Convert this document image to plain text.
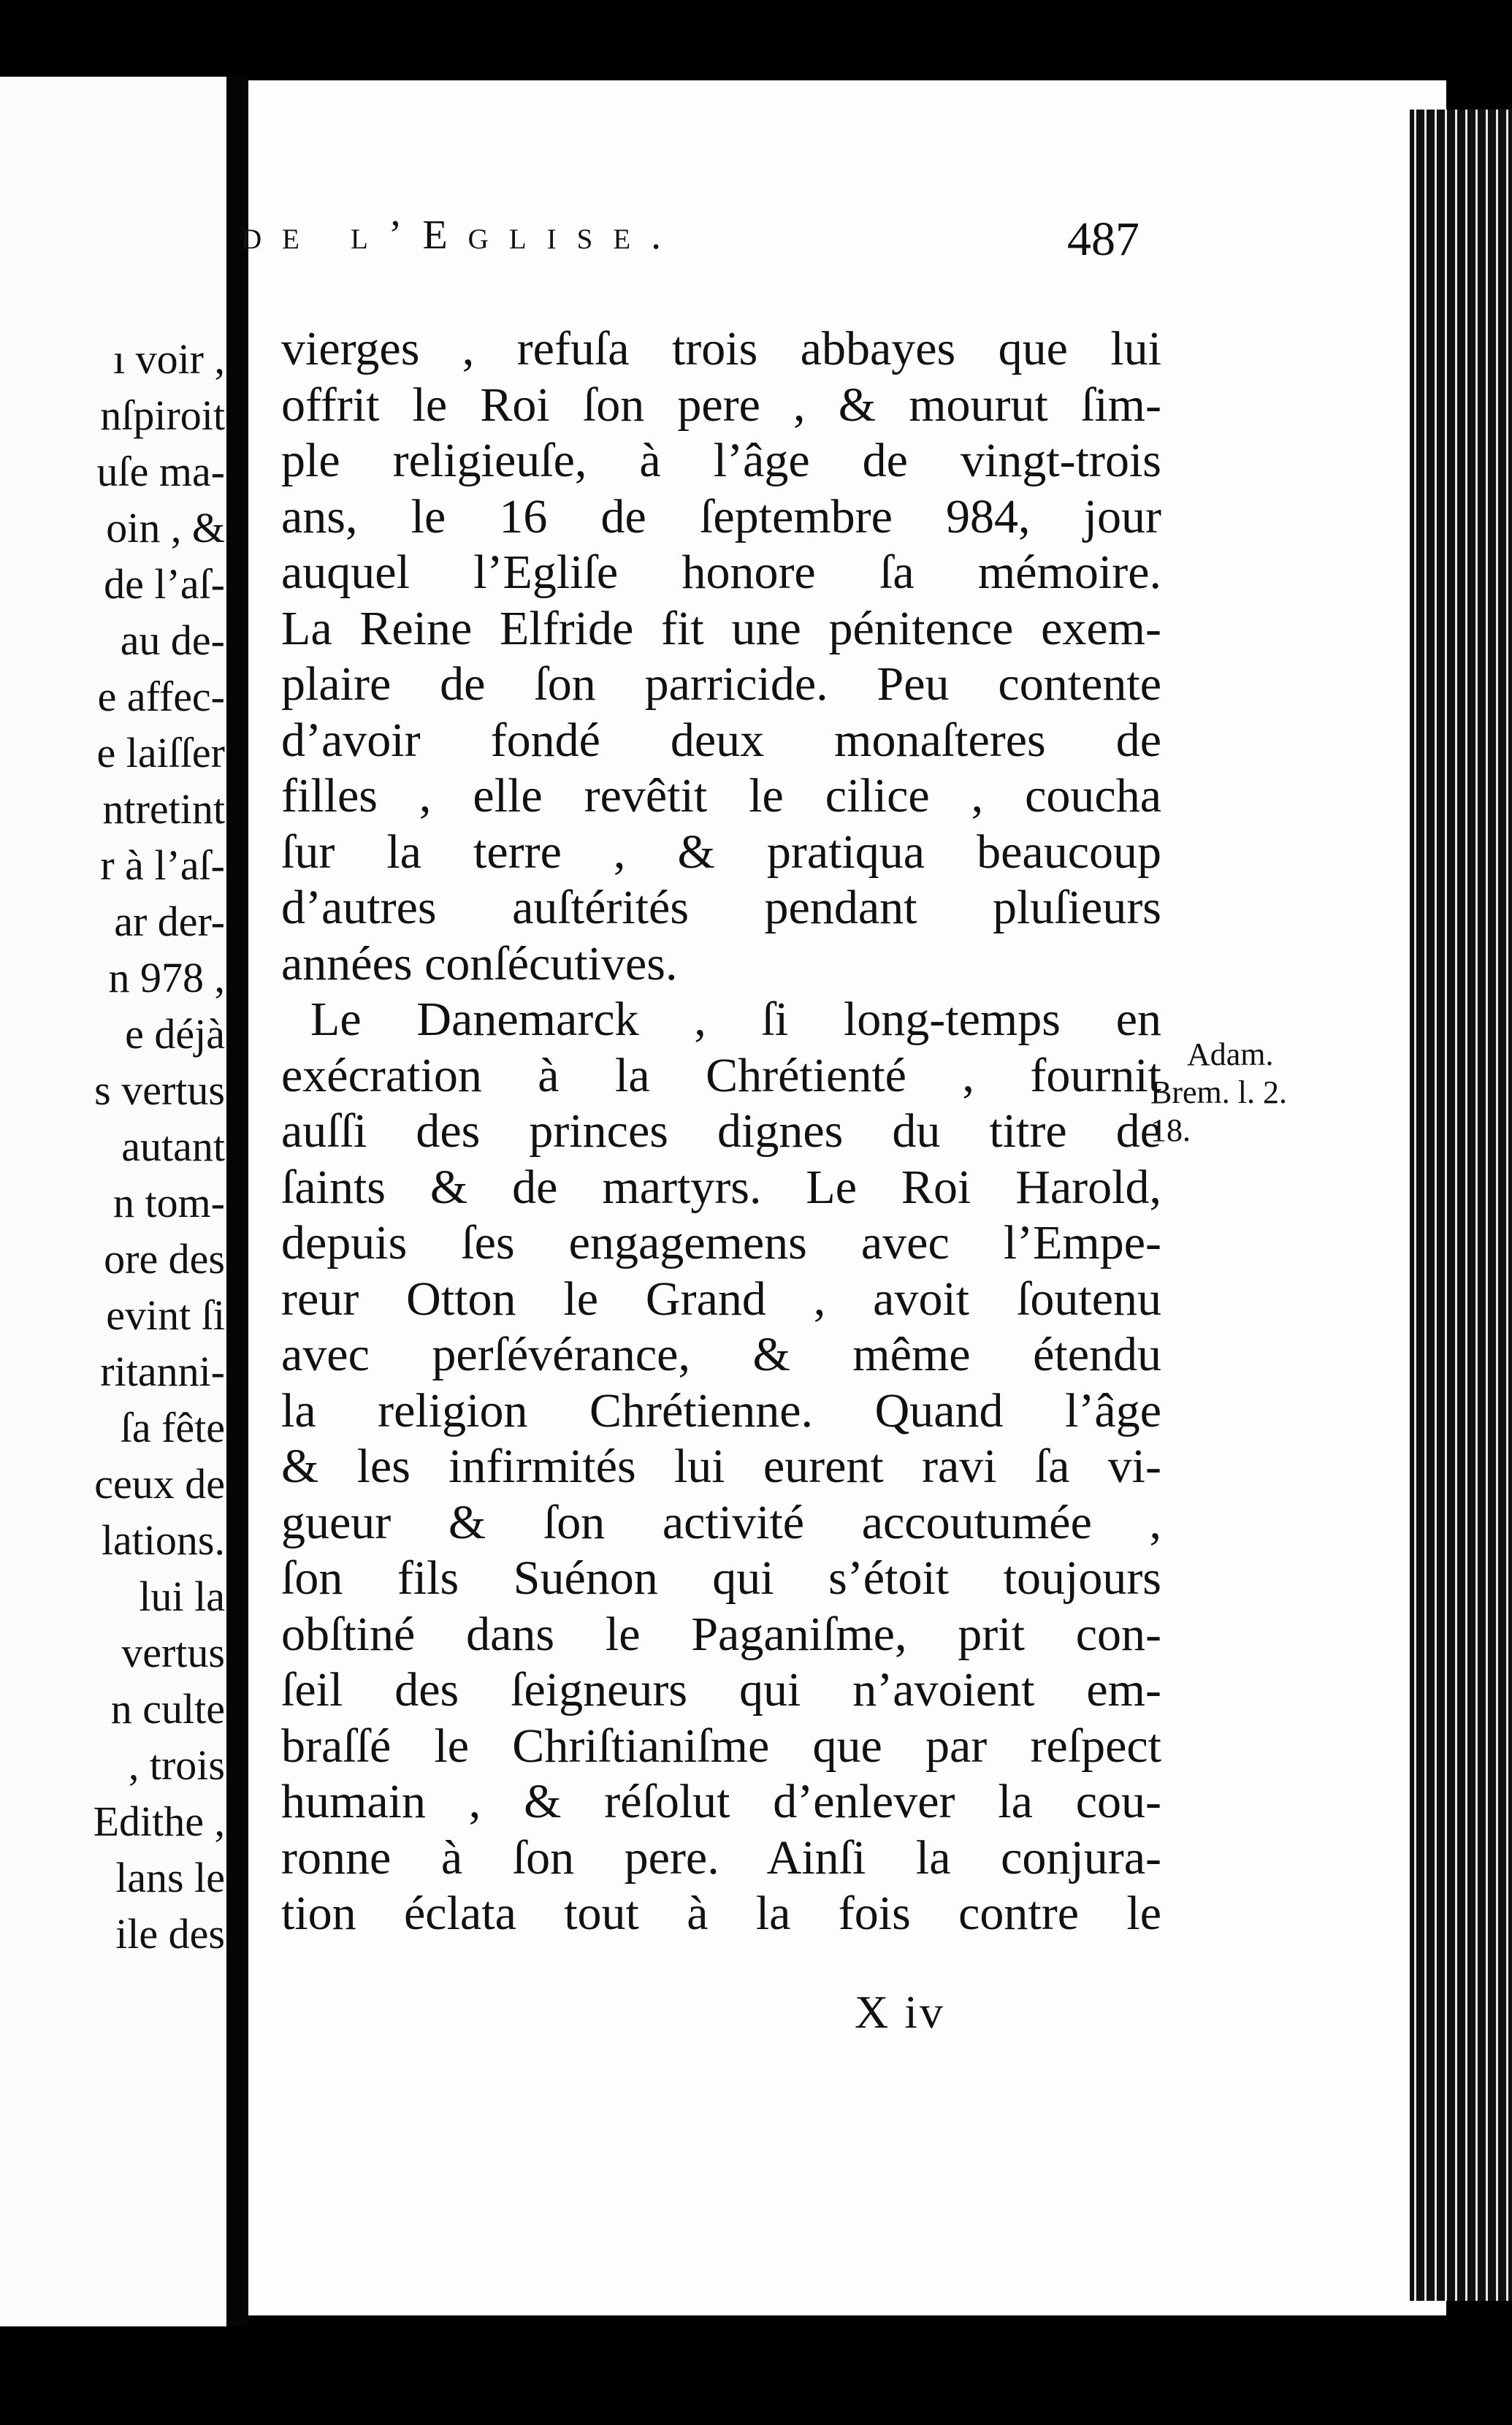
ı voir ,
nſpiroit
uſe ma-
oin , &
de l’aſ-
au de-
e affec-
e laiſſer
ntretint
r à l’aſ-
ar der-
n 978 ,
e déjà
s vertus
autant
n tom-
ore des
evint ſi
ritanni-
ſa fête
ceux de
lations.
lui la
vertus
n culte
, trois
Edithe ,
lans le
ile des
de l’Egliſe.	487
vierges , refuſa trois abbayes que lui
offrit le Roi ſon pere , & mourut ſim-
ple religieuſe, à l’âge de vingt-trois
ans, le 16 de ſeptembre 984, jour
auquel l’Egliſe honore ſa mémoire.
La Reine Elfride fit une pénitence exem-
plaire de ſon parricide. Peu contente
d’avoir fondé deux monaſteres de
filles , elle revêtit le cilice , coucha
ſur la terre , & pratiqua beaucoup
d’autres auſtérités pendant pluſieurs
années conſécutives.
Le Danemarck , ſi long-temps en
exécration à la Chrétienté , fournit
auſſi des princes dignes du titre de
ſaints & de martyrs. Le Roi Harold,
depuis ſes engagemens avec l’Empe-
reur Otton le Grand , avoit ſoutenu
avec perſévérance, & même étendu
la religion Chrétienne. Quand l’âge
& les infirmités lui eurent ravi ſa vi-
gueur & ſon activité accoutumée ,
ſon fils Suénon qui s’étoit toujours
obſtiné dans le Paganiſme, prit con-
ſeil des ſeigneurs qui n’avoient em-
braſſé le Chriſtianiſme que par reſpect
humain , & réſolut d’enlever la cou-
ronne à ſon pere. Ainſi la conjura-
tion éclata tout à la fois contre le
Adam.
Brem. l. 2.
18.
X iv
